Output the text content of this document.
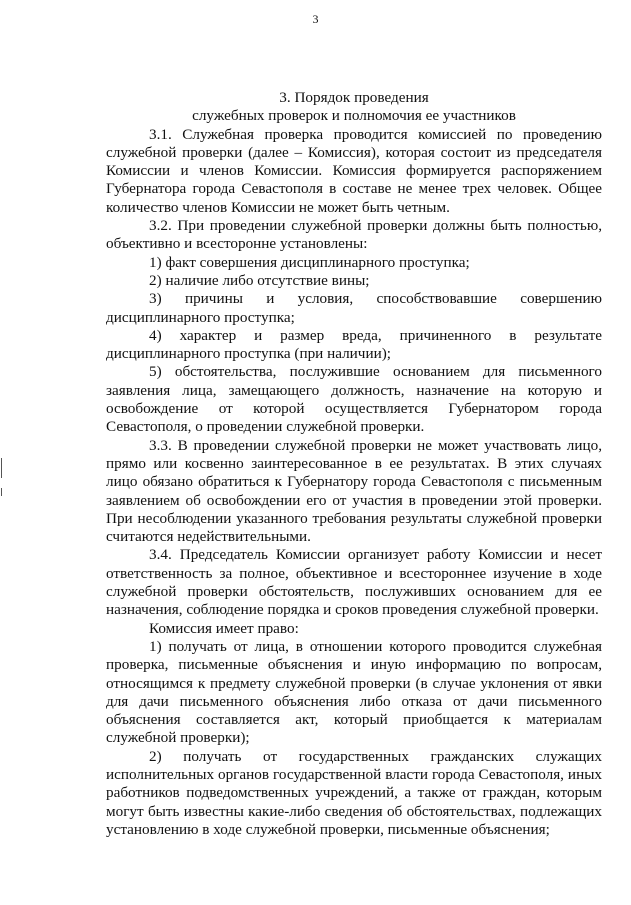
3

3. Порядок проведения

служебных проверок и полномочия ее участников

3.1. Служебная проверка проводится комиссией по проведению служебной проверки (далее – Комиссия), которая состоит из председателя Комиссии и членов Комиссии. Комиссия формируется распоряжением Губернатора города Севастополя в составе не менее трех человек. Общее количество членов Комиссии не может быть четным.

3.2. При проведении служебной проверки должны быть полностью, объективно и всесторонне установлены:

1) факт совершения дисциплинарного проступка;

2) наличие либо отсутствие вины;

3) причины и условия, способствовавшие совершению дисциплинарного проступка;

4) характер и размер вреда, причиненного в результате дисциплинарного проступка (при наличии);

5) обстоятельства, послужившие основанием для письменного заявления лица, замещающего должность, назначение на которую и освобождение от которой осуществляется Губернатором города Севастополя, о проведении служебной проверки.

3.3. В проведении служебной проверки не может участвовать лицо, прямо или косвенно заинтересованное в ее результатах. В этих случаях лицо обязано обратиться к Губернатору города Севастополя с письменным заявлением об освобождении его от участия в проведении этой проверки. При несоблюдении указанного требования результаты служебной проверки считаются недействительными.

3.4. Председатель Комиссии организует работу Комиссии и несет ответственность за полное, объективное и всестороннее изучение в ходе служебной проверки обстоятельств, послуживших основанием для ее назначения, соблюдение порядка и сроков проведения служебной проверки.

Комиссия имеет право:

1) получать от лица, в отношении которого проводится служебная проверка, письменные объяснения и иную информацию по вопросам, относящимся к предмету служебной проверки (в случае уклонения от явки для дачи письменного объяснения либо отказа от дачи письменного объяснения составляется акт, который приобщается к материалам служебной проверки);

2) получать от государственных гражданских служащих исполнительных органов государственной власти города Севастополя, иных работников подведомственных учреждений, а также от граждан, которым могут быть известны какие-либо сведения об обстоятельствах, подлежащих установлению в ходе служебной проверки, письменные объяснения;
